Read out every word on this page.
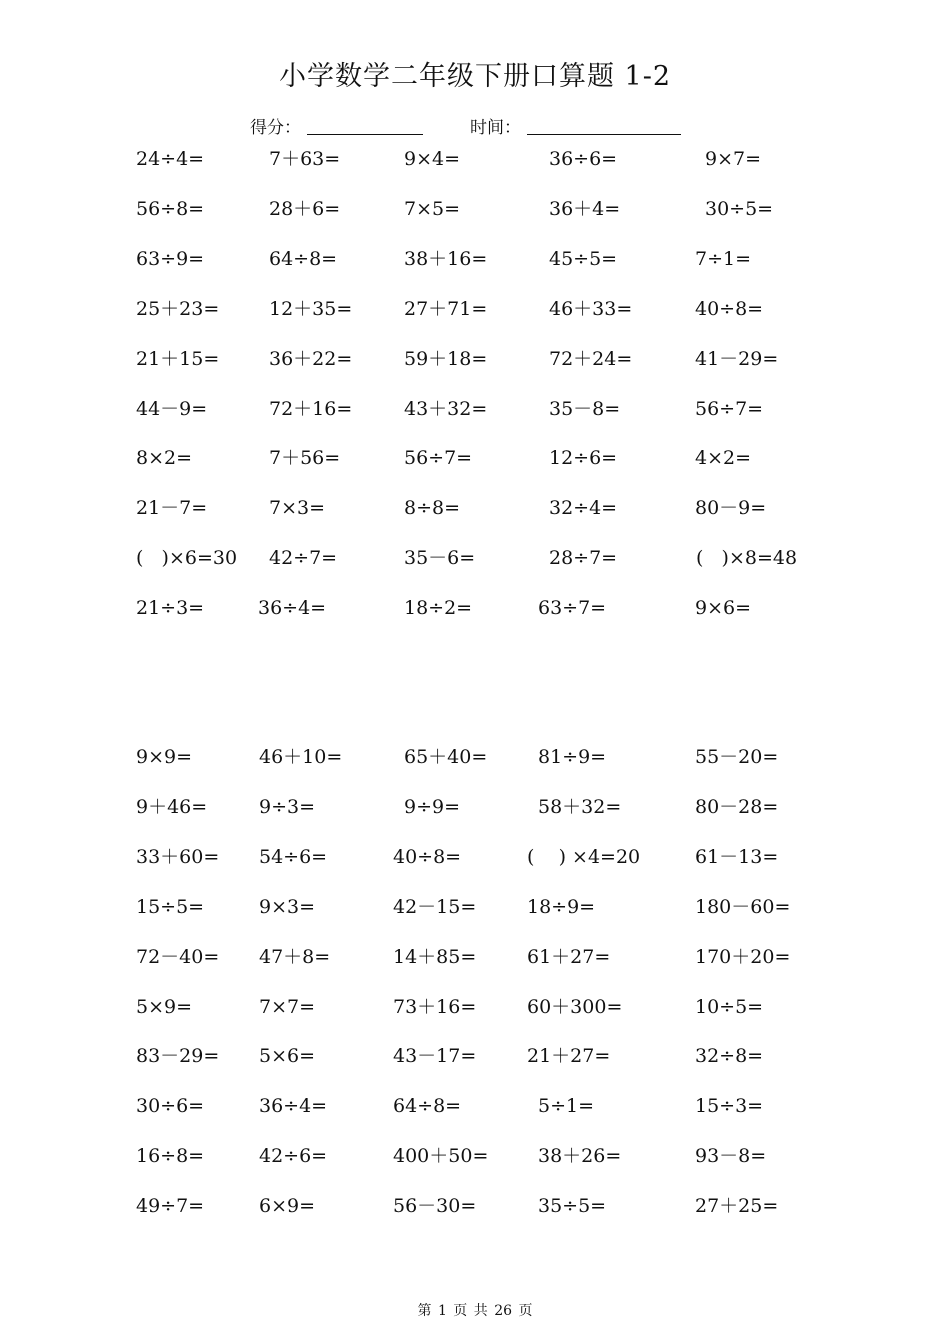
小学数学二年级下册口算题 1-2
得分：	时间：
24÷4=	7＋63=	9×4=	36÷6=	9×7=
56÷8=	28＋6=	7×5=	36＋4=	30÷5=
63÷9=	64÷8=	38＋16=	45÷5=	7÷1=
25＋23=	12＋35=	27＋71=	46＋33=	40÷8=
21＋15=	36＋22=	59＋18=	72＋24=	41－29=
44－9=	72＋16=	43＋32=	35－8=	56÷7=
8×2=	7＋56=	56÷7=	12÷6=	4×2=
21－7=	7×3=	8÷8=	32÷4=	80－9=
(   )×6=30 42÷7=	35－6=	28÷7=	(   )×8=48
21÷3=	36÷4=	18÷2=	63÷7=	9×6=
9×9=	46＋10=	65＋40=	81÷9=	55－20=
9＋46=	9÷3=	9÷9=	58＋32=	80－28=
33＋60= 54÷6=	40÷8=	(    ) ×4=20	61－13=
15÷5=	9×3=	42－15=	18÷9=	180－60=
72－40= 47＋8=	14＋85=	61＋27=	170＋20=
5×9=	7×7=	73＋16=	60＋300=	10÷5=
83－29= 5×6=	43－17=	21＋27=	32÷8=
30÷6=	36÷4=	64÷8=	5÷1=	15÷3=
16÷8=	42÷6=	400＋50=	38＋26=	93－8=
49÷7=	6×9=	56－30=	35÷5=	27＋25=
第 1 页 共 26 页
